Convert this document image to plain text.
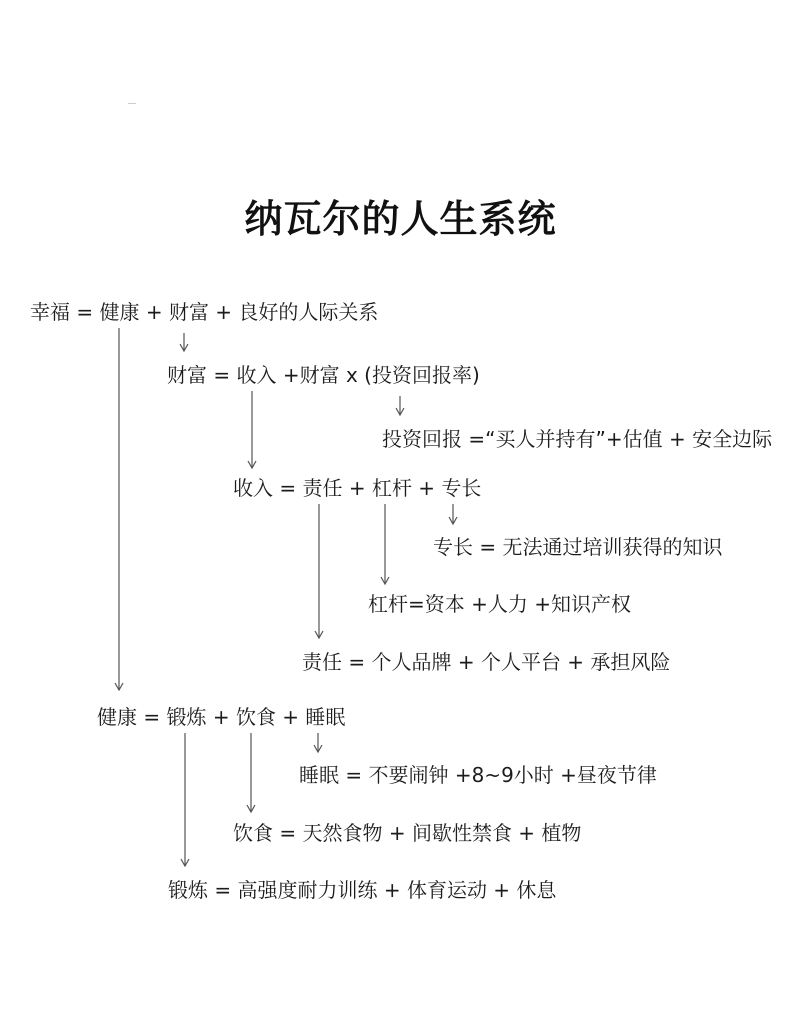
纳瓦尔的人生系统
幸福 = 健康 + 财富 + 良好的人际关系
财富 = 收入 +财富 x (投资回报率)
投资回报 =“买人并持有”+估值 + 安全边际
收入 = 责任 + 杠杆 + 专长
专长 = 无法通过培训获得的知识
杠杆=资本 +人力 +知识产权
责任 = 个人品牌 + 个人平台 + 承担风险
健康 = 锻炼 + 饮食 + 睡眠
睡眠 = 不要闹钟 +8~9小时 +昼夜节律
饮食 = 天然食物 + 间歇性禁食 + 植物
锻炼 = 高强度耐力训练 + 体育运动 + 休息
